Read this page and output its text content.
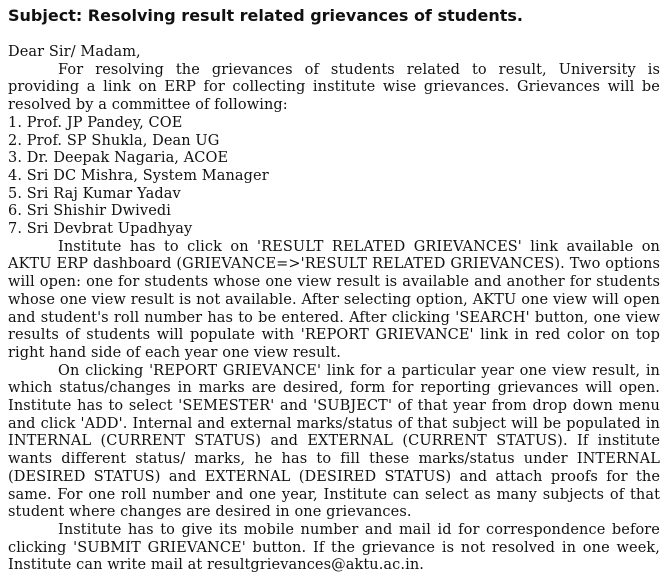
Subject: Resolving result related grievances of students.

Dear Sir/ Madam,

For resolving the grievances of students related to result, University is providing a link on ERP for collecting institute wise grievances. Grievances will be resolved by a committee of following:

1. Prof. JP Pandey, COE
2. Prof. SP Shukla, Dean UG
3. Dr. Deepak Nagaria, ACOE
4. Sri DC Mishra, System Manager
5. Sri Raj Kumar Yadav
6. Sri Shishir Dwivedi
7. Sri Devbrat Upadhyay

Institute has to click on 'RESULT RELATED GRIEVANCES' link available on AKTU ERP dashboard (GRIEVANCE=>'RESULT RELATED GRIEVANCES). Two options will open: one for students whose one view result is available and another for students whose one view result is not available. After selecting option, AKTU one view will open and student's roll number has to be entered. After clicking 'SEARCH' button, one view results of students will populate with 'REPORT GRIEVANCE' link in red color on top right hand side of each year one view result.

On clicking 'REPORT GRIEVANCE' link for a particular year one view result, in which status/changes in marks are desired, form for reporting grievances will open. Institute has to select 'SEMESTER' and 'SUBJECT' of that year from drop down menu and click 'ADD'. Internal and external marks/status of that subject will be populated in INTERNAL (CURRENT STATUS) and EXTERNAL (CURRENT STATUS). If institute wants different status/ marks, he has to fill these marks/status under INTERNAL (DESIRED STATUS) and EXTERNAL (DESIRED STATUS) and attach proofs for the same. For one roll number and one year, Institute can select as many subjects of that student where changes are desired in one grievances.

Institute has to give its mobile number and mail id for correspondence before clicking 'SUBMIT GRIEVANCE' button. If the grievance is not resolved in one week, Institute can write mail at resultgrievances@aktu.ac.in.
